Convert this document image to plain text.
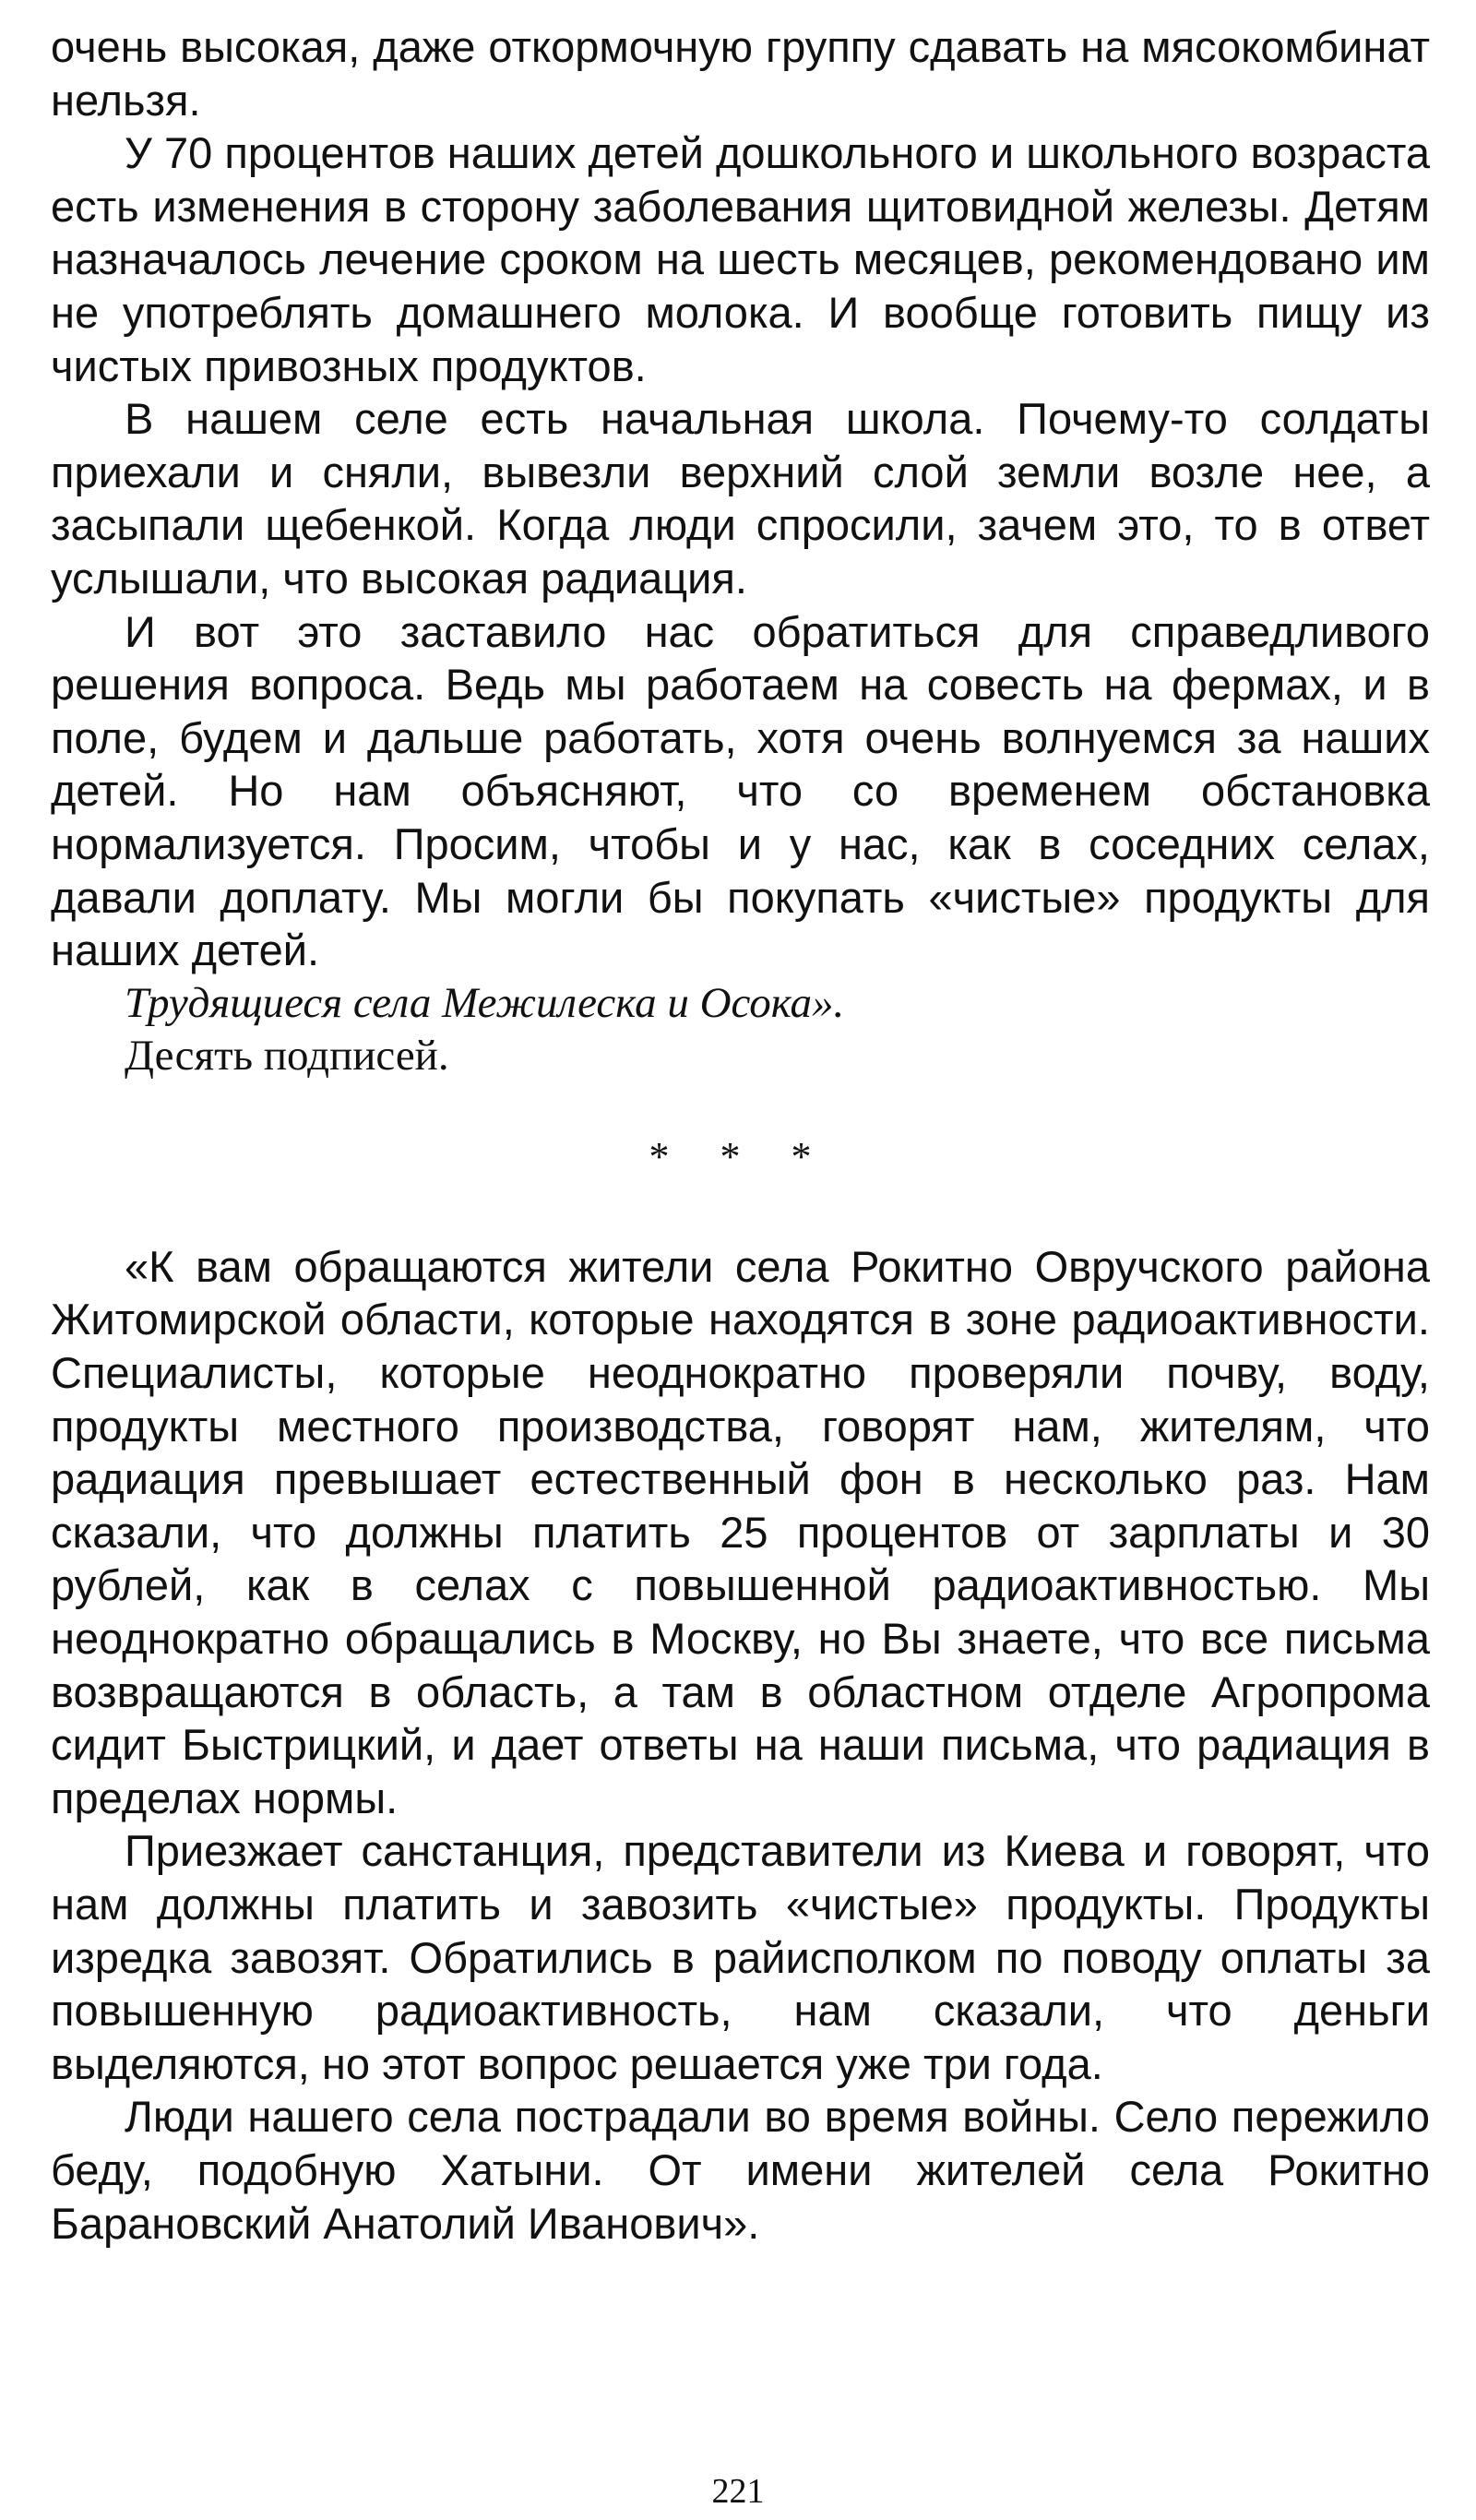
очень высокая, даже откормочную группу сдавать на мясокомбинат нельзя.

У 70 процентов наших детей дошкольного и школьного возраста есть изменения в сторону заболевания щитовидной железы. Детям назначалось лечение сроком на шесть месяцев, рекомендовано им не употреблять домашнего молока. И вообще готовить пищу из чистых привозных продуктов.

В нашем селе есть начальная школа. Почему-то солдаты приехали и сняли, вывезли верхний слой земли возле нее, а засыпали щебенкой. Когда люди спросили, зачем это, то в ответ услышали, что высокая радиация.

И вот это заставило нас обратиться для справедливого решения вопроса. Ведь мы работаем на совесть на фермах, и в поле, будем и дальше работать, хотя очень волнуемся за наших детей. Но нам объясняют, что со временем обстановка нормализуется. Просим, чтобы и у нас, как в соседних селах, давали доплату. Мы могли бы покупать «чистые» продукты для наших детей.

Трудящиеся села Межилеска и Осока».
Десять подписей.
* * *

«К вам обращаются жители села Рокитно Овручского района Житомирской области, которые находятся в зоне радиоактивности. Специалисты, которые неоднократно проверяли почву, воду, продукты местного производства, говорят нам, жителям, что радиация превышает естественный фон в несколько раз. Нам сказали, что должны платить 25 процентов от зарплаты и 30 рублей, как в селах с повышенной радиоактивностью. Мы неоднократно обращались в Москву, но Вы знаете, что все письма возвращаются в область, а там в областном отделе Агропрома сидит Быстрицкий, и дает ответы на наши письма, что радиация в пределах нормы.

Приезжает санстанция, представители из Киева и говорят, что нам должны платить и завозить «чистые» продукты. Продукты изредка завозят. Обратились в райисполком по поводу оплаты за повышенную радиоактивность, нам сказали, что деньги выделяются, но этот вопрос решается уже три года.

Люди нашего села пострадали во время войны. Село пережило беду, подобную Хатыни. От имени жителей села Рокитно Барановский Анатолий Иванович».

221
